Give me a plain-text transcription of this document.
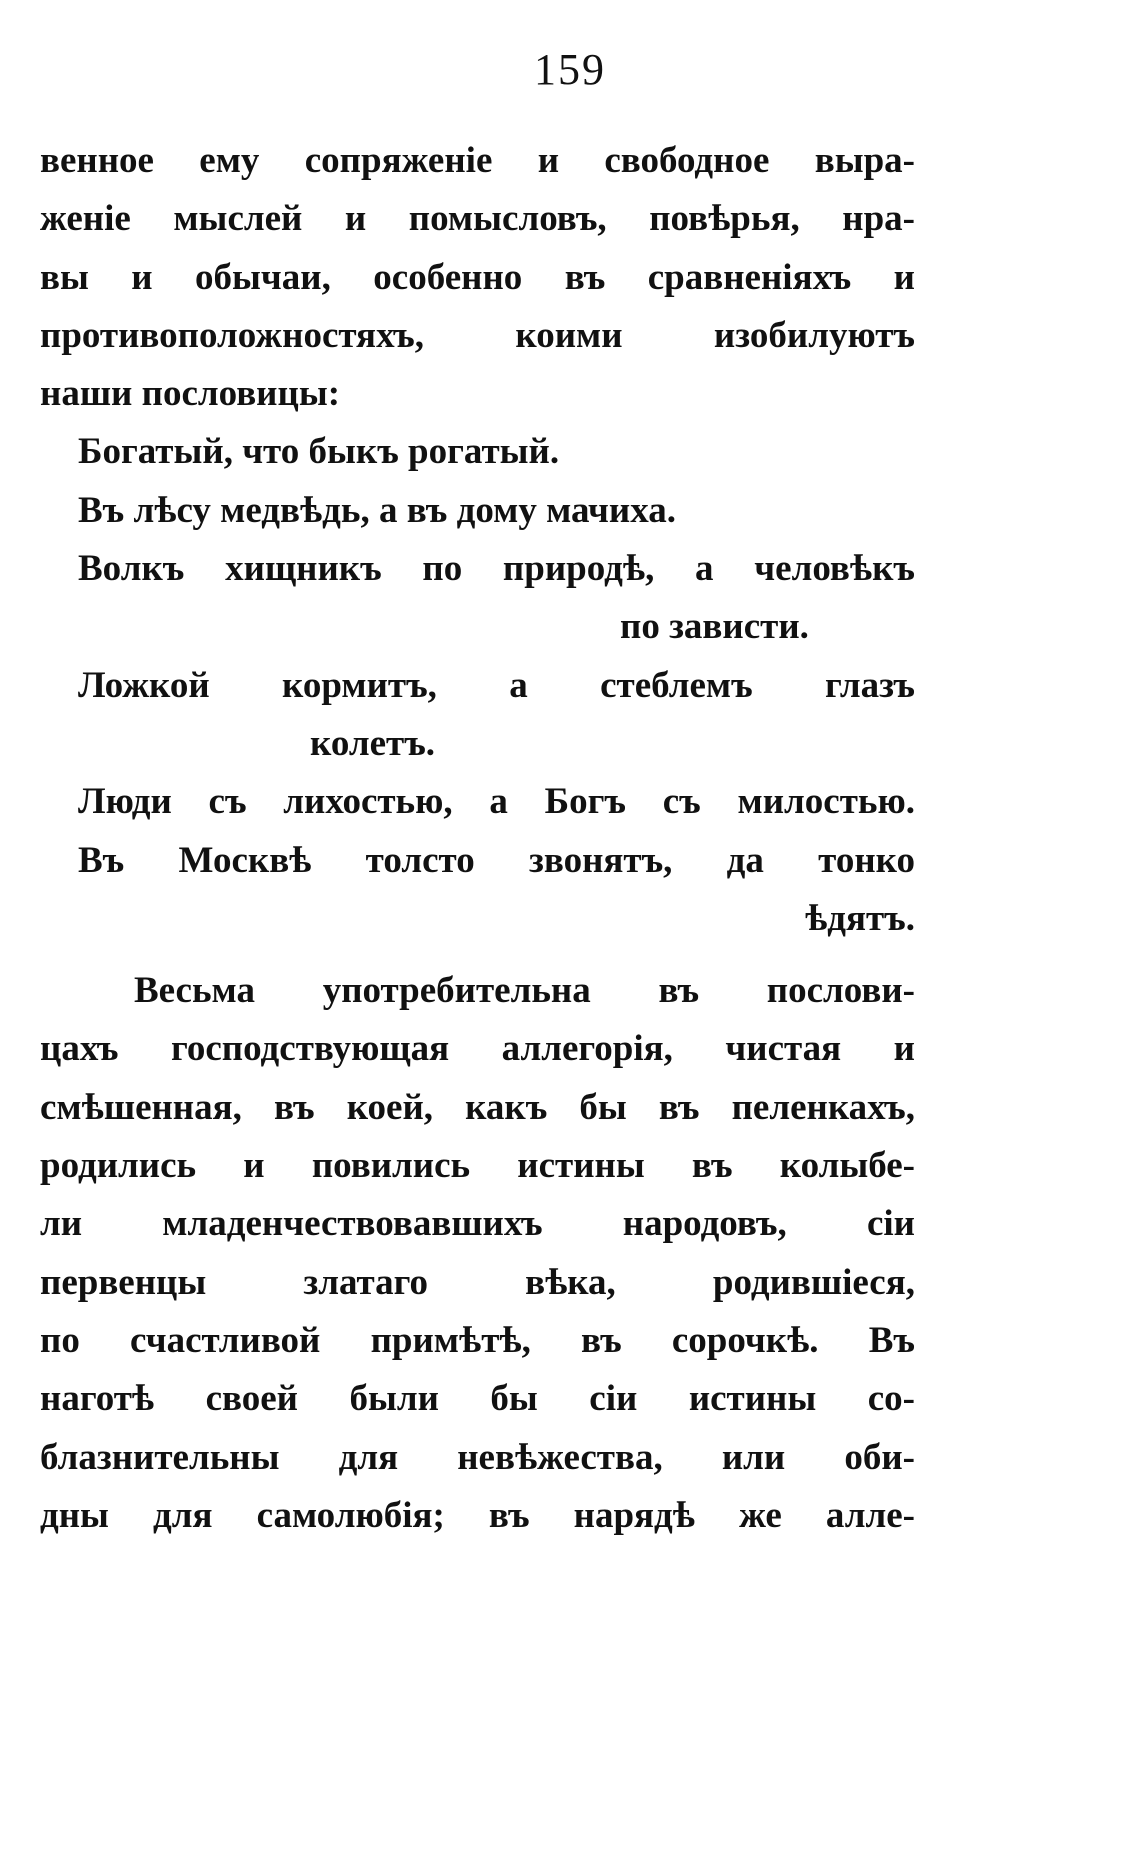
159
венное ему сопряженіе и свободное выра-
женіе мыслей и помысловъ, повѣрья, нра-
вы и обычаи, особенно въ сравненіяхъ и
противоположностяхъ, коими изобилуютъ
наши пословицы:
Богатый, что быкъ рогатый.
Въ лѣсу медвѣдь, а въ дому мачиха.
Волкъ хищникъ по природѣ, а человѣкъ
по зависти.
Ложкой кормитъ, а стеблемъ глазъ
колетъ.
Люди съ лихостью, а Богъ съ милостью.
Въ Москвѣ толсто звонятъ, да тонко
ѣдятъ.
Весьма употребительна въ послови-
цахъ господствующая аллегорія, чистая и
смѣшенная, въ коей, какъ бы въ пеленкахъ,
родились и повились истины въ колыбе-
ли младенчествовавшихъ народовъ, сіи
первенцы златаго вѣка, родившіеся,
по счастливой примѣтѣ, въ сорочкѣ. Въ
наготѣ своей были бы сіи истины со-
блазнительны для невѣжества, или оби-
дны для самолюбія; въ нарядѣ же алле-
